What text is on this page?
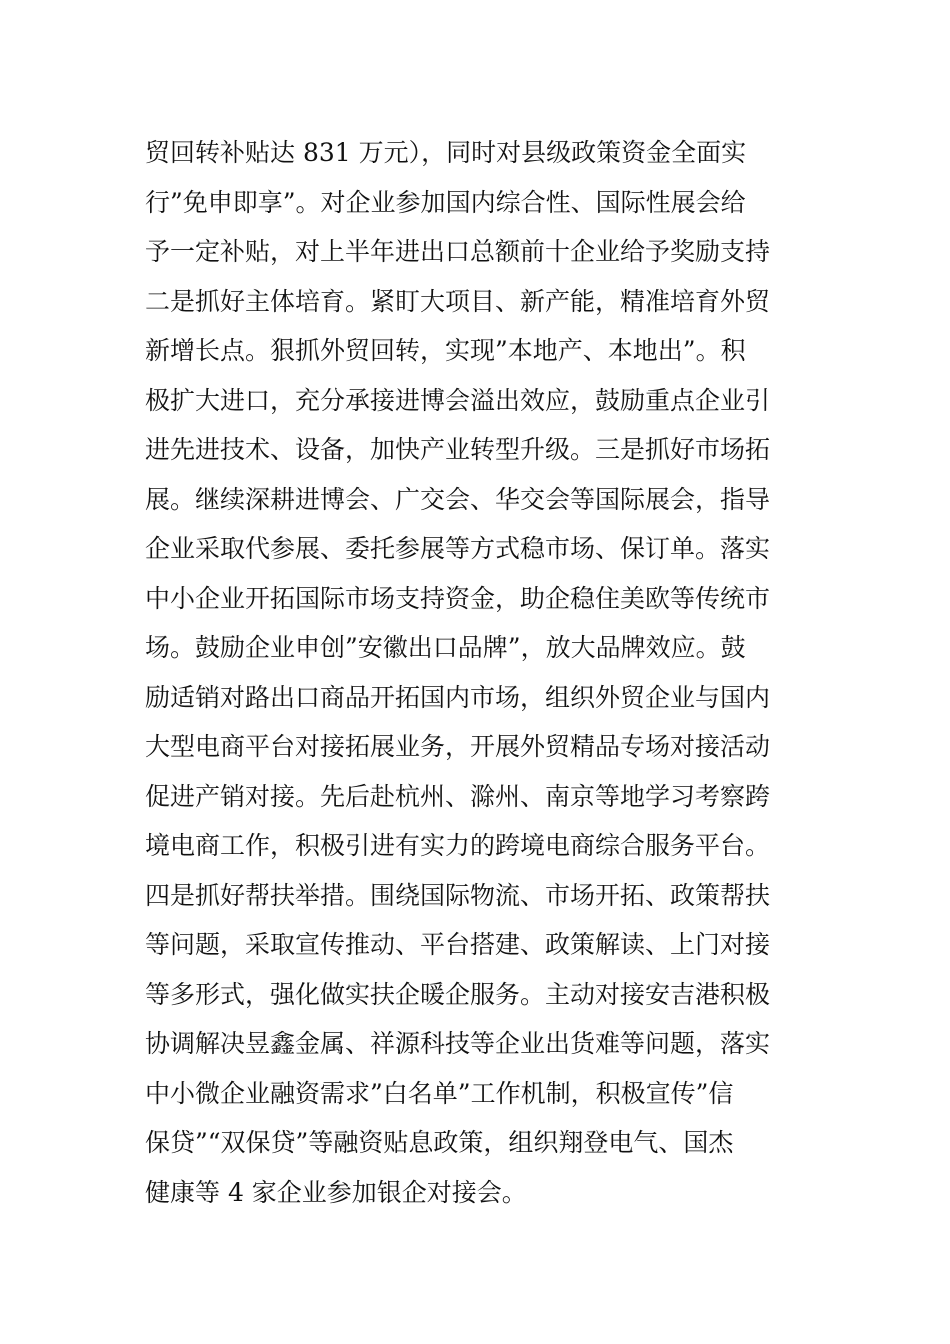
贸回转补贴达 831 万元），同时对县级政策资金全面实
行”免申即享”。对企业参加国内综合性、国际性展会给
予一定补贴，对上半年进出口总额前十企业给予奖励支持
二是抓好主体培育。紧盯大项目、新产能，精准培育外贸
新增长点。狠抓外贸回转，实现”本地产、本地出”。积
极扩大进口，充分承接进博会溢出效应，鼓励重点企业引
进先进技术、设备，加快产业转型升级。三是抓好市场拓
展。继续深耕进博会、广交会、华交会等国际展会，指导
企业采取代参展、委托参展等方式稳市场、保订单。落实
中小企业开拓国际市场支持资金，助企稳住美欧等传统市
场。鼓励企业申创”安徽出口品牌”，放大品牌效应。鼓
励适销对路出口商品开拓国内市场，组织外贸企业与国内
大型电商平台对接拓展业务，开展外贸精品专场对接活动
促进产销对接。先后赴杭州、滁州、南京等地学习考察跨
境电商工作，积极引进有实力的跨境电商综合服务平台。
四是抓好帮扶举措。围绕国际物流、市场开拓、政策帮扶
等问题，采取宣传推动、平台搭建、政策解读、上门对接
等多形式，强化做实扶企暖企服务。主动对接安吉港积极
协调解决昱鑫金属、祥源科技等企业出货难等问题，落实
中小微企业融资需求”白名单”工作机制，积极宣传”信
保贷”“双保贷”等融资贴息政策，组织翔登电气、国杰
健康等 4 家企业参加银企对接会。
